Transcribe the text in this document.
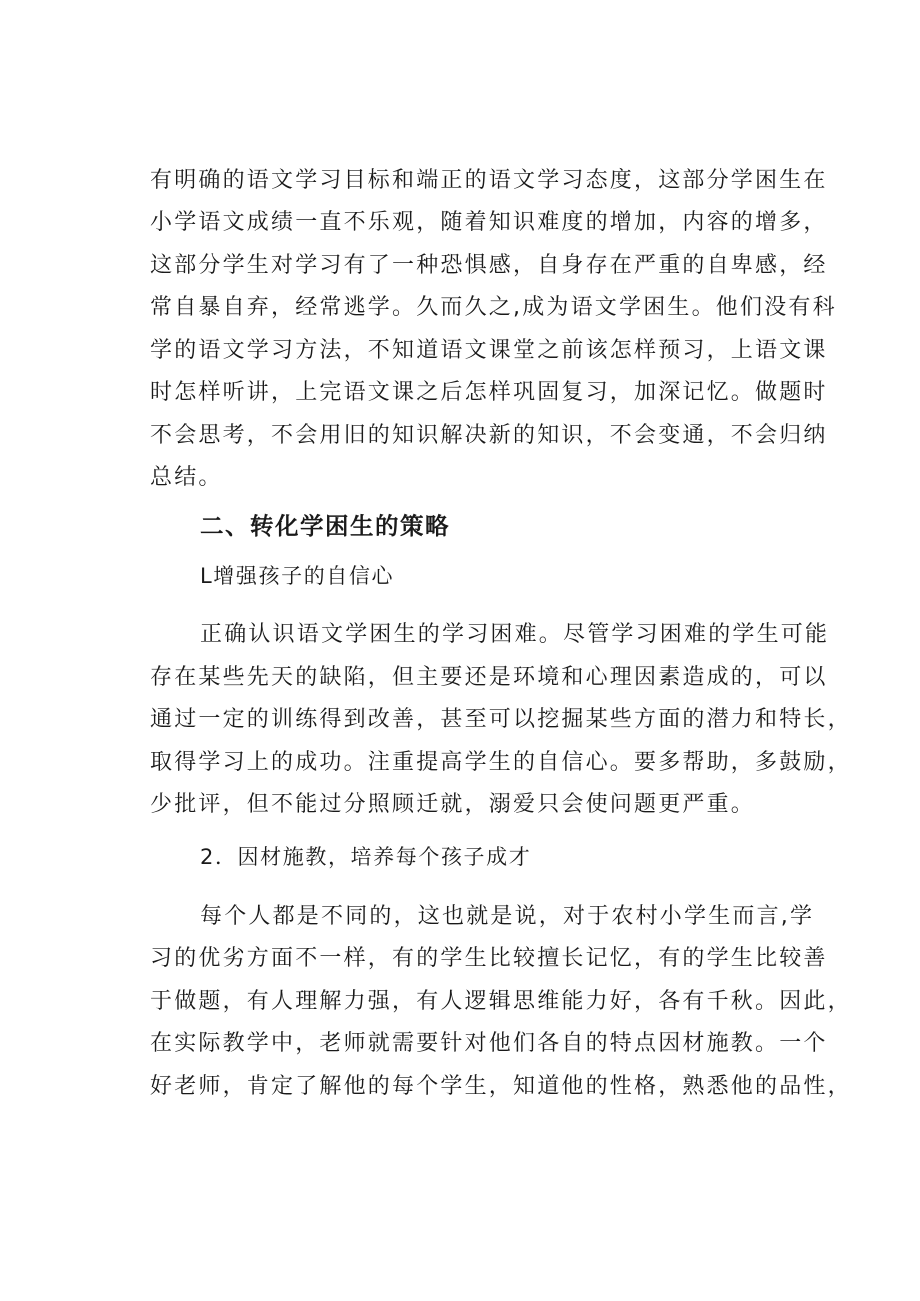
有明确的语文学习目标和端正的语文学习态度，这部分学困生在
小学语文成绩一直不乐观，随着知识难度的增加，内容的增多，
这部分学生对学习有了一种恐惧感，自身存在严重的自卑感，经
常自暴自弃，经常逃学。久而久之,成为语文学困生。他们没有科
学的语文学习方法，不知道语文课堂之前该怎样预习，上语文课
时怎样听讲，上完语文课之后怎样巩固复习，加深记忆。做题时
不会思考，不会用旧的知识解决新的知识，不会变通，不会归纳
总结。
二、转化学困生的策略
L增强孩子的自信心
正确认识语文学困生的学习困难。尽管学习困难的学生可能
存在某些先天的缺陷，但主要还是环境和心理因素造成的，可以
通过一定的训练得到改善，甚至可以挖掘某些方面的潜力和特长，
取得学习上的成功。注重提高学生的自信心。要多帮助，多鼓励，
少批评，但不能过分照顾迁就，溺爱只会使问题更严重。
2．因材施教，培养每个孩子成才
每个人都是不同的，这也就是说，对于农村小学生而言,学
习的优劣方面不一样，有的学生比较擅长记忆，有的学生比较善
于做题，有人理解力强，有人逻辑思维能力好，各有千秋。因此，
在实际教学中，老师就需要针对他们各自的特点因材施教。一个
好老师，肯定了解他的每个学生，知道他的性格，熟悉他的品性，
